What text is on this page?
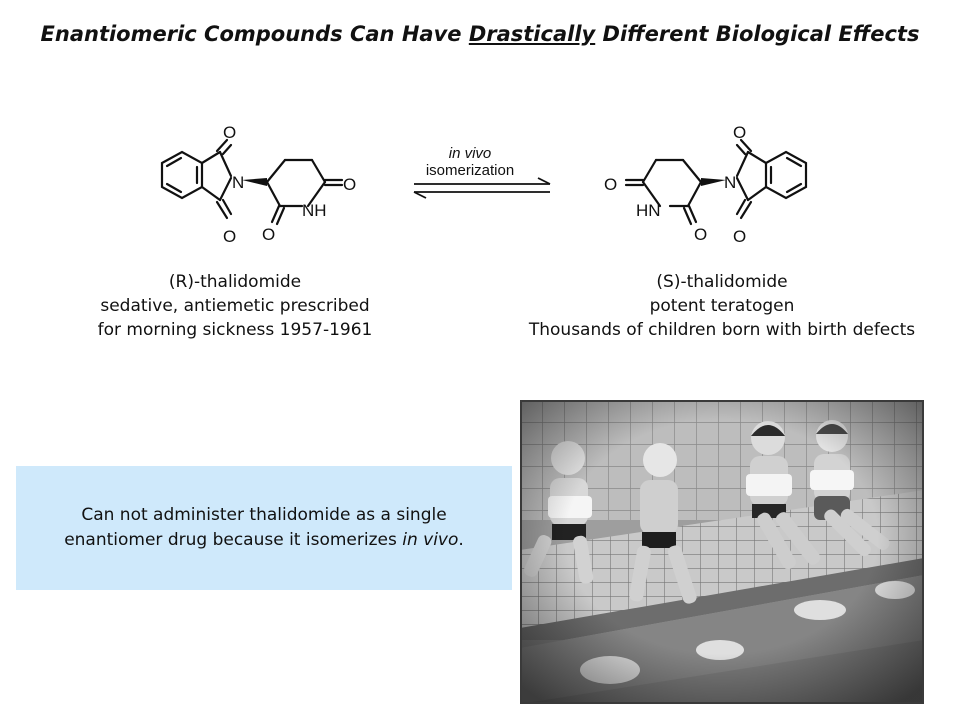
Enantiomeric Compounds Can Have Drastically Different Biological Effects
N
O
O O
O
NH
in vivo
isomerization
N
O
O
O
O
HN
(R)-thalidomide
sedative, antiemetic prescribed
for morning sickness 1957-1961
(S)-thalidomide
potent teratogen
Thousands of children born with birth defects
Can not administer thalidomide as a single
enantiomer drug because it isomerizes in vivo.
